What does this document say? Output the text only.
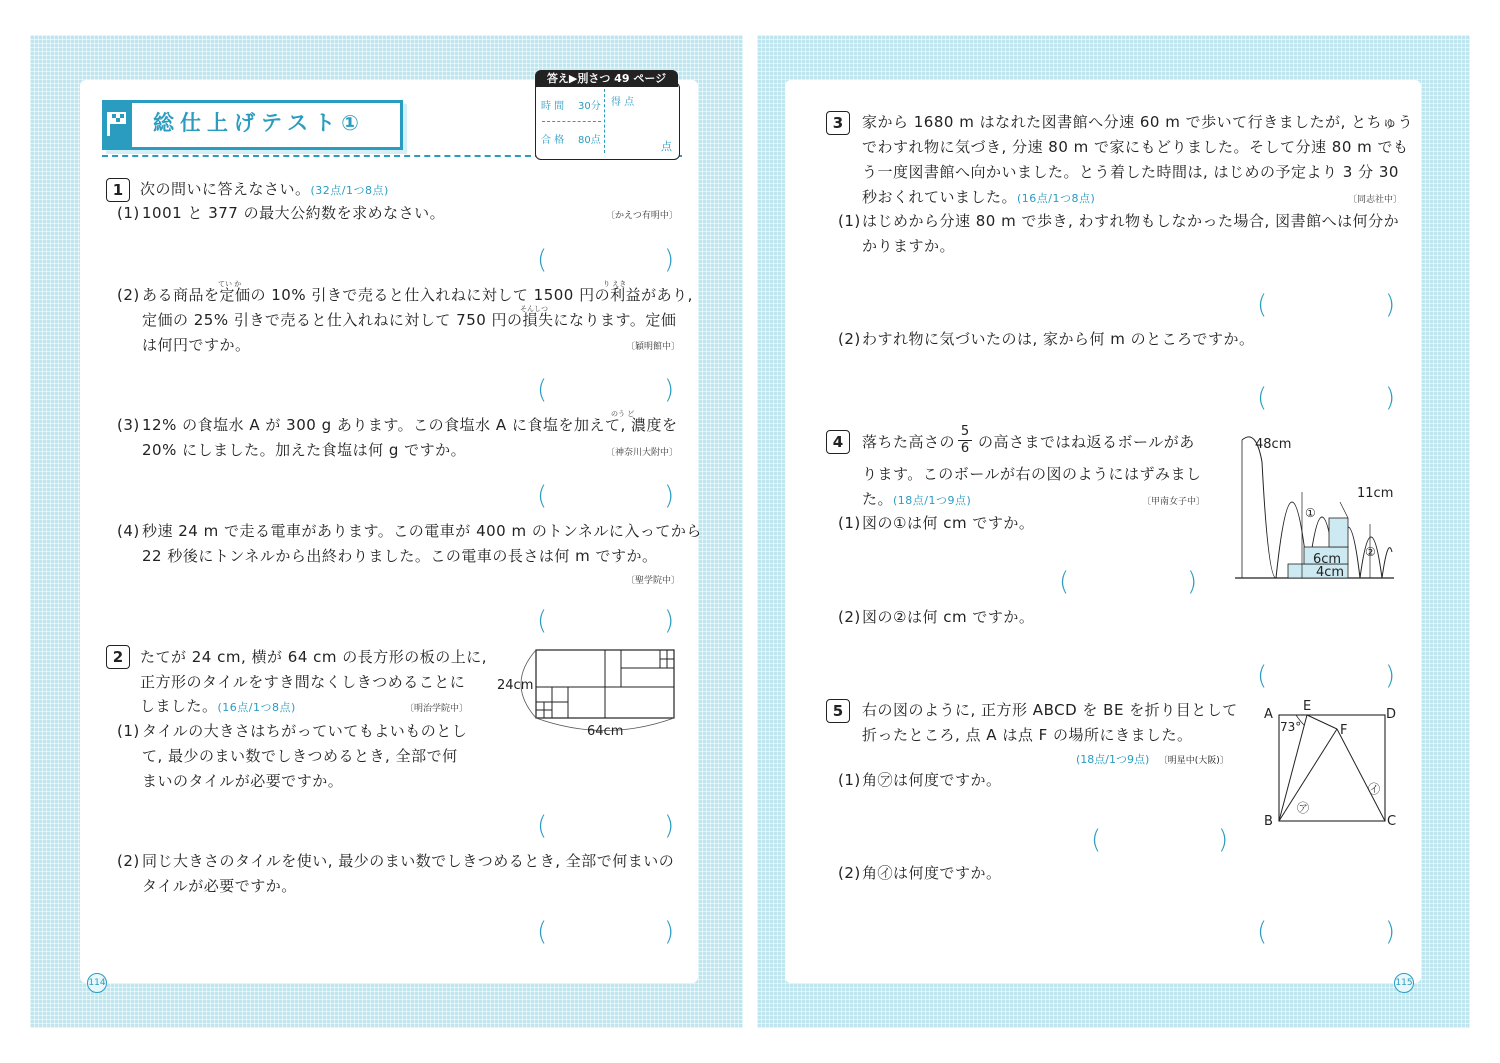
総仕上げテスト①
答え▶別さつ 49 ページ
時 間 30分
合 格 80点
得 点
点
1	次の問いに答えなさい。(32点/1つ8点)
(1) 1001 と 377 の最大公約数を求めなさい。	〔かえつ有明中〕
(	)
てい か	り えき
(2) ある商品を定価の 10% 引きで売ると仕入れねに対して 1500 円の利益があり,
そんしつ
定価の 25% 引きで売ると仕入れねに対して 750 円の損失になります。定価
は何円ですか。	〔穎明館中〕
(	)
のう ど
(3) 12% の食塩水 A が 300 g あります。この食塩水 A に食塩を加えて, 濃度を
20% にしました。加えた食塩は何 g ですか。	〔神奈川大附中〕
(	)
(4) 秒速 24 m で走る電車があります。この電車が 400 m のトンネルに入ってから
22 秒後にトンネルから出終わりました。この電車の長さは何 m ですか。
〔聖学院中〕
(	)
2	たてが 24 cm, 横が 64 cm の長方形の板の上に,
正方形のタイルをすき間なくしきつめることに
しました。(16点/1つ8点)	〔明治学院中〕
24cm
64cm
(1) タイルの大きさはちがっていてもよいものとし
て, 最少のまい数でしきつめるとき, 全部で何
まいのタイルが必要ですか。
(	)
(2) 同じ大きさのタイルを使い, 最少のまい数でしきつめるとき, 全部で何まいの
タイルが必要ですか。
(	)
114
3	家から 1680 m はなれた図書館へ分速 60 m で歩いて行きましたが, とちゅう
でわすれ物に気づき, 分速 80 m で家にもどりました。そして分速 80 m でも
う一度図書館へ向かいました。とう着した時間は, はじめの予定より 3 分 30
秒おくれていました。(16点/1つ8点)	〔同志社中〕
(1) はじめから分速 80 m で歩き, わすれ物もしなかった場合, 図書館へは何分か
かりますか。
(	)
(2) わすれ物に気づいたのは, 家から何 m のところですか。
(	)
4	落ちた高さの $\frac{5}{6}$ の高さまではね返るボールがあ
ります。このボールが右の図のようにはずみまし
た。(18点/1つ9点)	〔甲南女子中〕
48cm
11cm
6cm
4cm
①
②
(1) 図の①は何 cm ですか。
(	)
(2) 図の②は何 cm ですか。
(	)
5	右の図のように, 正方形 ABCD を BE を折り目として
折ったところ, 点 A は点 F の場所にきました。
(18点/1つ9点) 〔明星中(大阪)〕
A
B	C
D
E
F
73°
㋐
㋑
(1) 角㋐は何度ですか。
(	)
(2) 角㋑は何度ですか。
(	)
115
